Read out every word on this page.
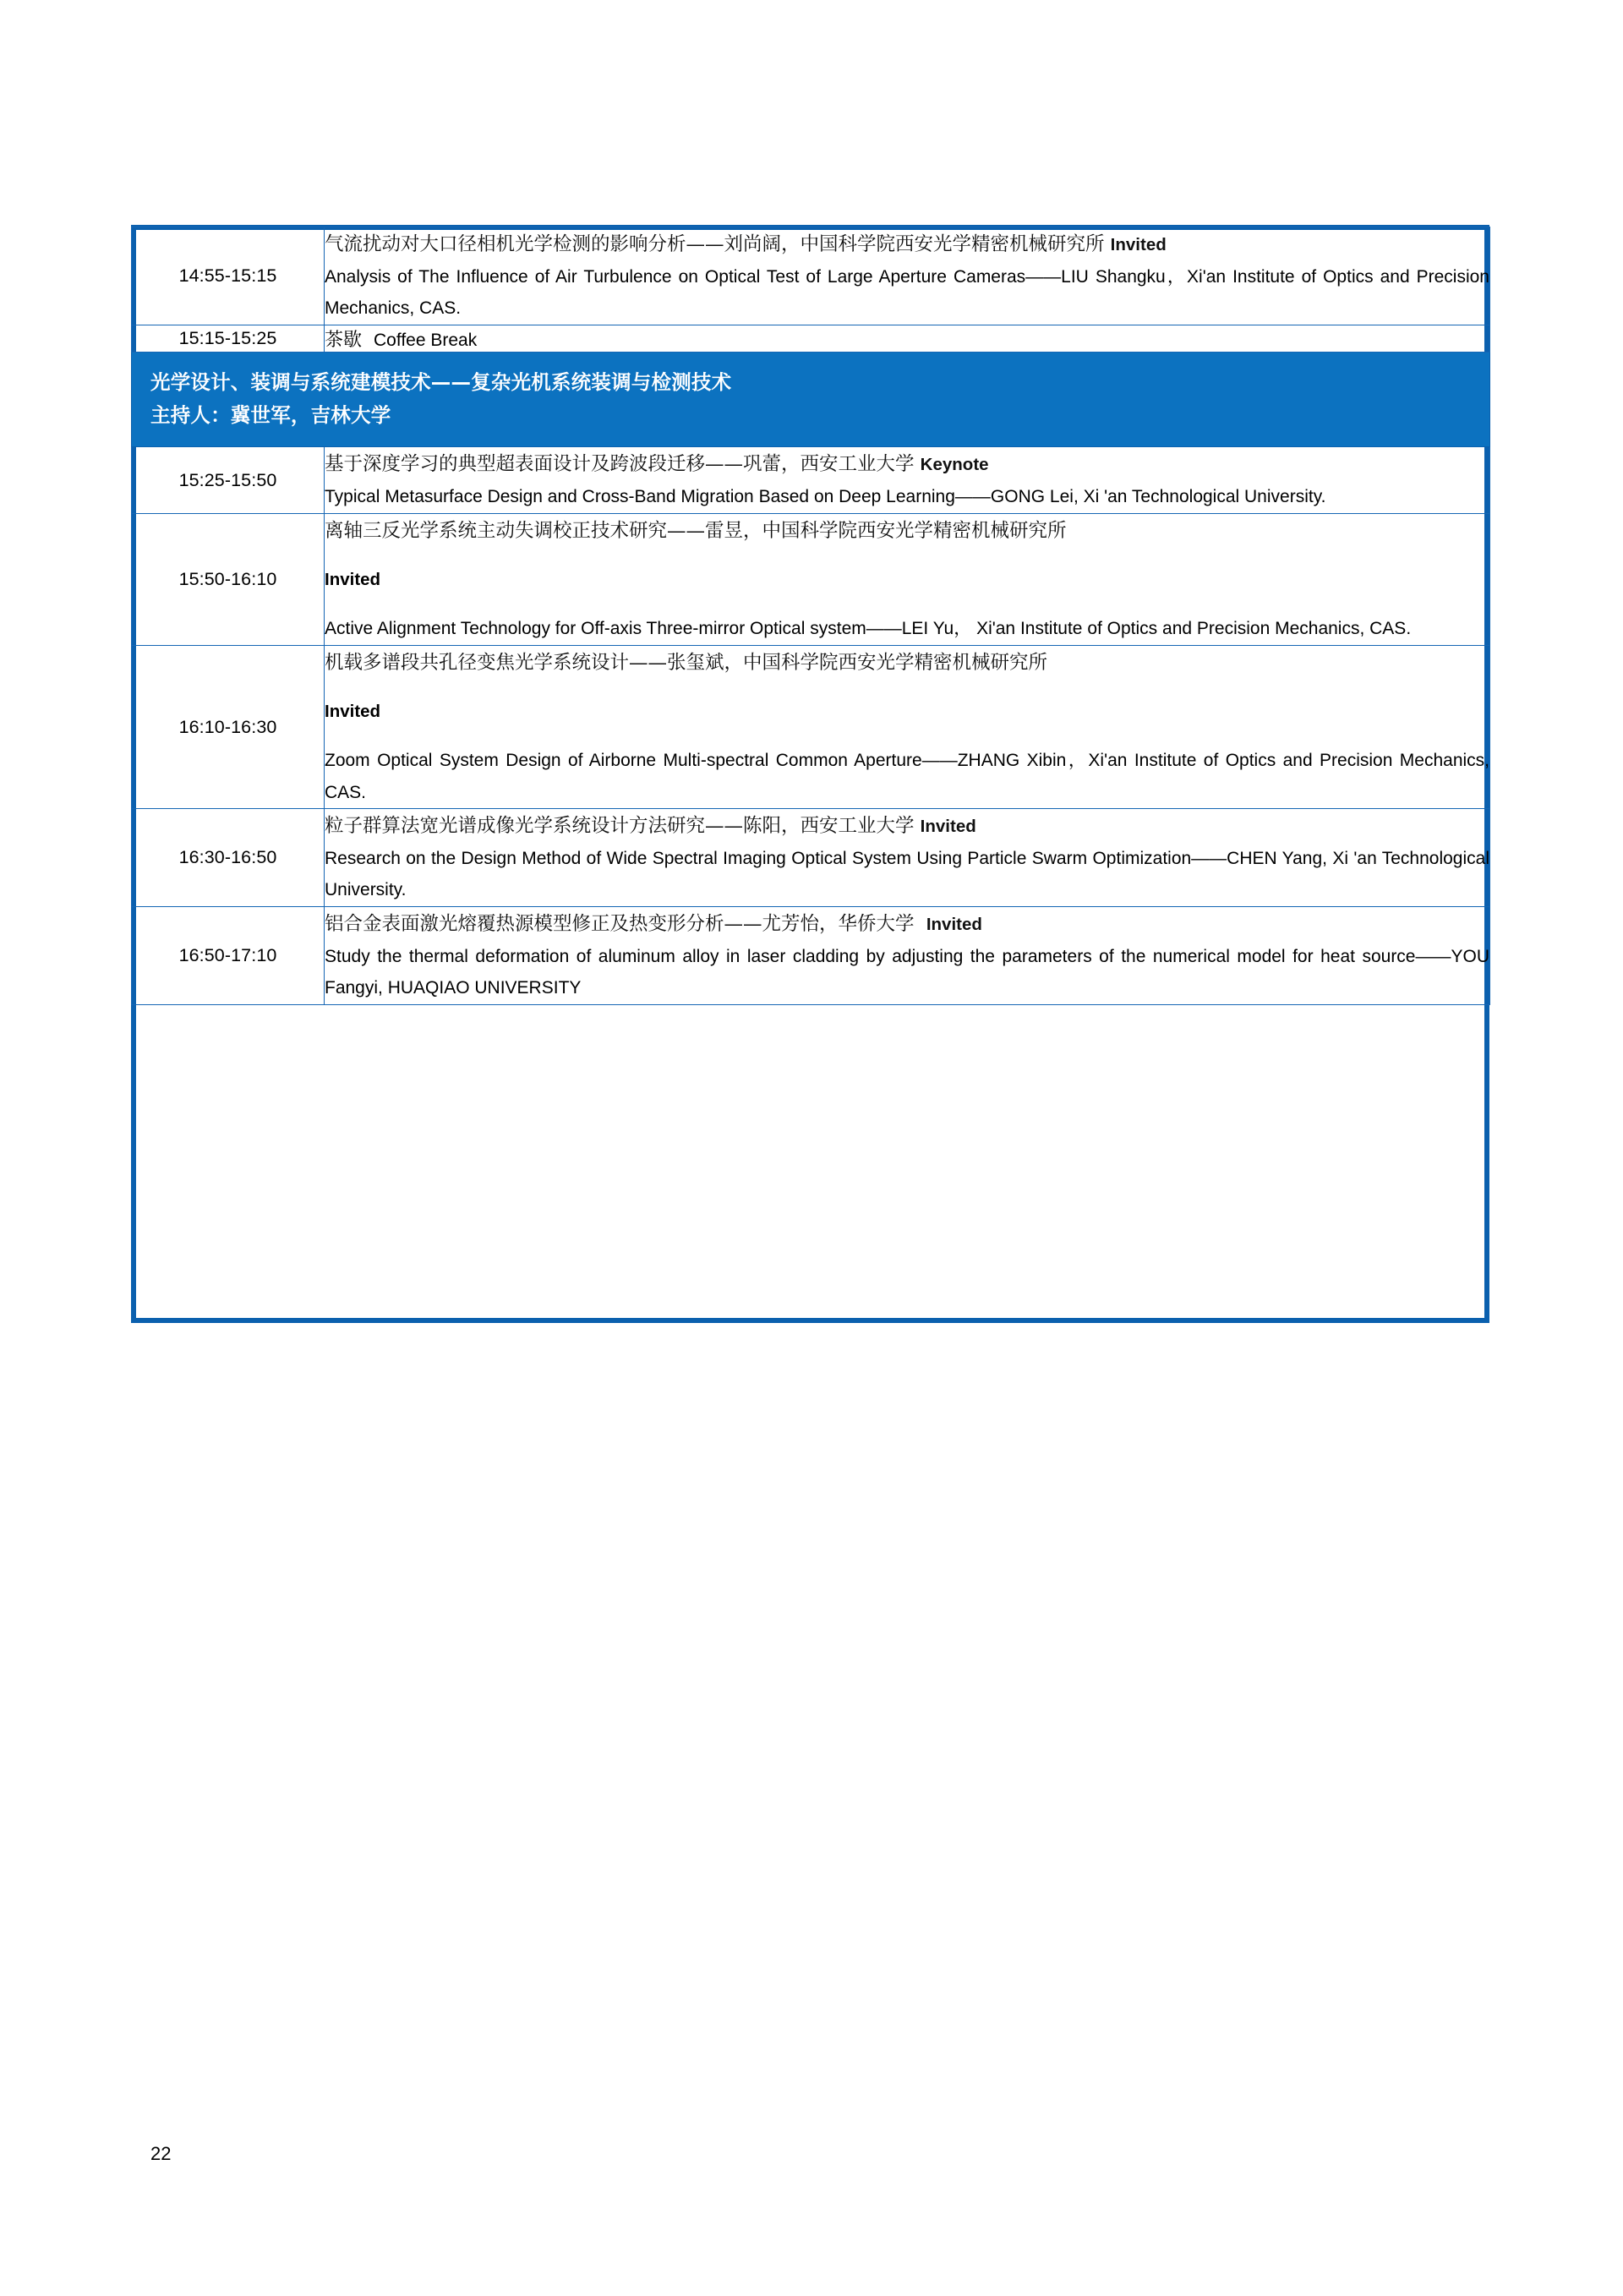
14:55-15:15	气流扰动对大口径相机光学检测的影响分析——刘尚阔，中国科学院西安光学精密机械研究所 Invited

Analysis of The Influence of Air Turbulence on Optical Test of Large Aperture Cameras——LIU Shangku，Xi'an Institute of Optics and Precision Mechanics, CAS.

15:15-15:25	茶歇 Coffee Break

光学设计、装调与系统建模技术——复杂光机系统装调与检测技术
主持人：冀世军，吉林大学	

15:25-15:50	基于深度学习的典型超表面设计及跨波段迁移——巩蕾，西安工业大学 Keynote

Typical Metasurface Design and Cross-Band Migration Based on Deep Learning——GONG Lei, Xi 'an Technological University.

15:50-16:10	离轴三反光学系统主动失调校正技术研究——雷昱，中国科学院西安光学精密机械研究所

Invited

Active Alignment Technology for Off-axis Three-mirror Optical system——LEI Yu， Xi'an Institute of Optics and Precision Mechanics, CAS.

16:10-16:30	机载多谱段共孔径变焦光学系统设计——张玺斌，中国科学院西安光学精密机械研究所

Invited

Zoom Optical System Design of Airborne Multi-spectral Common Aperture——ZHANG Xibin，Xi'an Institute of Optics and Precision Mechanics, CAS.

16:30-16:50	粒子群算法宽光谱成像光学系统设计方法研究——陈阳，西安工业大学 Invited

Research on the Design Method of Wide Spectral Imaging Optical System Using Particle Swarm Optimization——CHEN Yang, Xi 'an Technological University.

16:50-17:10	铝合金表面激光熔覆热源模型修正及热变形分析——尤芳怡，华侨大学 Invited

Study the thermal deformation of aluminum alloy in laser cladding by adjusting the parameters of the numerical model for heat source——YOU Fangyi, HUAQIAO UNIVERSITY

22
